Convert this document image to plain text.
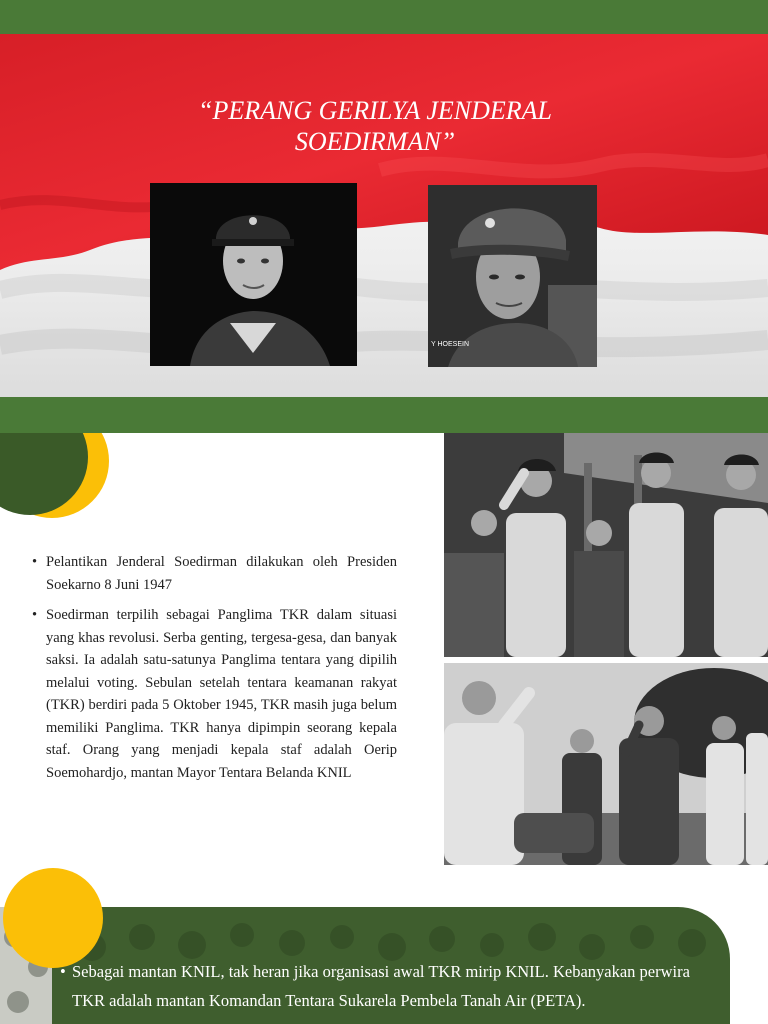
“PERANG GERILYA JENDERAL
SOEDIRMAN”
Y HOESEIN
• Pelantikan Jenderal Soedirman dilakukan oleh Presiden Soekarno 8 Juni 1947
• Soedirman terpilih sebagai Panglima TKR dalam situasi yang khas revolusi. Serba genting, tergesa-gesa, dan banyak saksi. Ia adalah satu-satunya Panglima tentara yang dipilih melalui voting. Sebulan setelah tentara keamanan rakyat (TKR) berdiri pada 5 Oktober 1945, TKR masih juga belum memiliki Panglima. TKR hanya dipimpin seorang kepala staf. Orang yang menjadi kepala staf adalah Oerip Soemohardjo, mantan Mayor Tentara Belanda KNIL
• Sebagai mantan KNIL, tak heran jika organisasi awal TKR mirip KNIL. Kebanyakan perwira TKR adalah mantan Komandan Tentara Sukarela Pembela Tanah Air (PETA).
